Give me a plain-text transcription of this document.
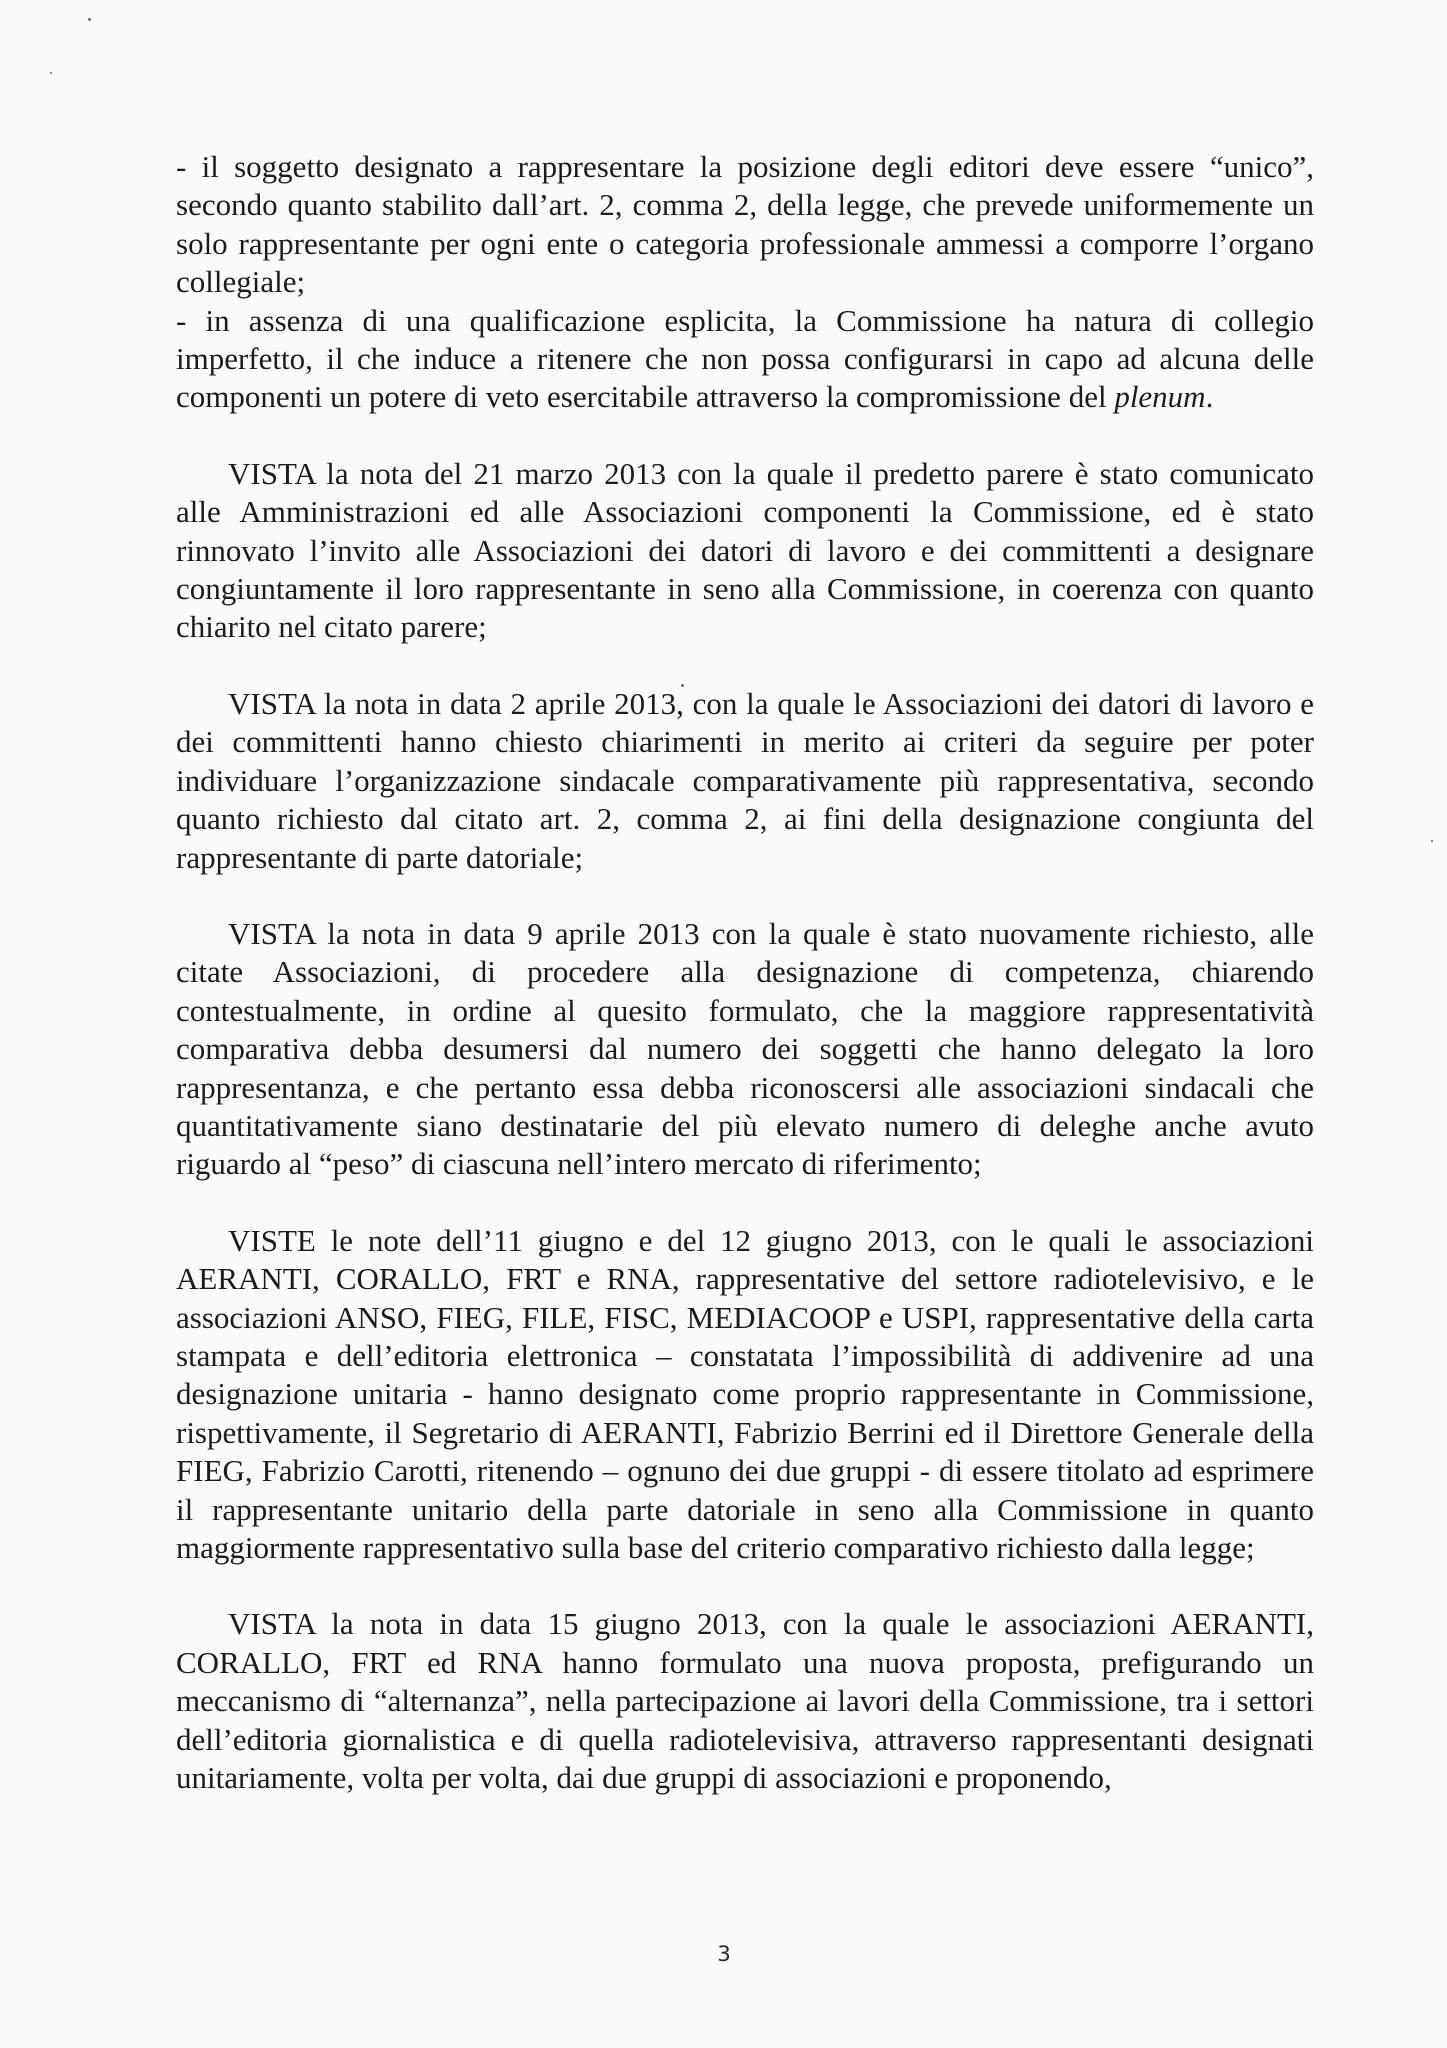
- il soggetto designato a rappresentare la posizione degli editori deve essere “unico”, secondo quanto stabilito dall’art. 2, comma 2, della legge, che prevede uniformemente un solo rappresentante per ogni ente o categoria professionale ammessi a comporre l’organo collegiale;

- in assenza di una qualificazione esplicita, la Commissione ha natura di collegio imperfetto, il che induce a ritenere che non possa configurarsi in capo ad alcuna delle componenti un potere di veto esercitabile attraverso la compromissione del plenum.

VISTA la nota del 21 marzo 2013 con la quale il predetto parere è stato comunicato alle Amministrazioni ed alle Associazioni componenti la Commissione, ed è stato rinnovato l’invito alle Associazioni dei datori di lavoro e dei committenti a designare congiuntamente il loro rappresentante in seno alla Commissione, in coerenza con quanto chiarito nel citato parere;

VISTA la nota in data 2 aprile 2013, con la quale le Associazioni dei datori di lavoro e dei committenti hanno chiesto chiarimenti in merito ai criteri da seguire per poter individuare l’organizzazione sindacale comparativamente più rappresentativa, secondo quanto richiesto dal citato art. 2, comma 2, ai fini della designazione congiunta del rappresentante di parte datoriale;

VISTA la nota in data 9 aprile 2013 con la quale è stato nuovamente richiesto, alle citate Associazioni, di procedere alla designazione di competenza, chiarendo contestualmente, in ordine al quesito formulato, che la maggiore rappresentatività comparativa debba desumersi dal numero dei soggetti che hanno delegato la loro rappresentanza, e che pertanto essa debba riconoscersi alle associazioni sindacali che quantitativamente siano destinatarie del più elevato numero di deleghe anche avuto riguardo al “peso” di ciascuna nell’intero mercato di riferimento;

VISTE le note dell’11 giugno e del 12 giugno 2013, con le quali le associazioni AERANTI, CORALLO, FRT e RNA, rappresentative del settore radiotelevisivo, e le associazioni ANSO, FIEG, FILE, FISC, MEDIACOOP e USPI, rappresentative della carta stampata e dell’editoria elettronica – constatata l’impossibilità di addivenire ad una designazione unitaria - hanno designato come proprio rappresentante in Commissione, rispettivamente, il Segretario di AERANTI, Fabrizio Berrini ed il Direttore Generale della FIEG, Fabrizio Carotti, ritenendo – ognuno dei due gruppi - di essere titolato ad esprimere il rappresentante unitario della parte datoriale in seno alla Commissione in quanto maggiormente rappresentativo sulla base del criterio comparativo richiesto dalla legge;

VISTA la nota in data 15 giugno 2013, con la quale le associazioni AERANTI, CORALLO, FRT ed RNA hanno formulato una nuova proposta, prefigurando un meccanismo di “alternanza”, nella partecipazione ai lavori della Commissione, tra i settori dell’editoria giornalistica e di quella radiotelevisiva, attraverso rappresentanti designati unitariamente, volta per volta, dai due gruppi di associazioni e proponendo,

3
